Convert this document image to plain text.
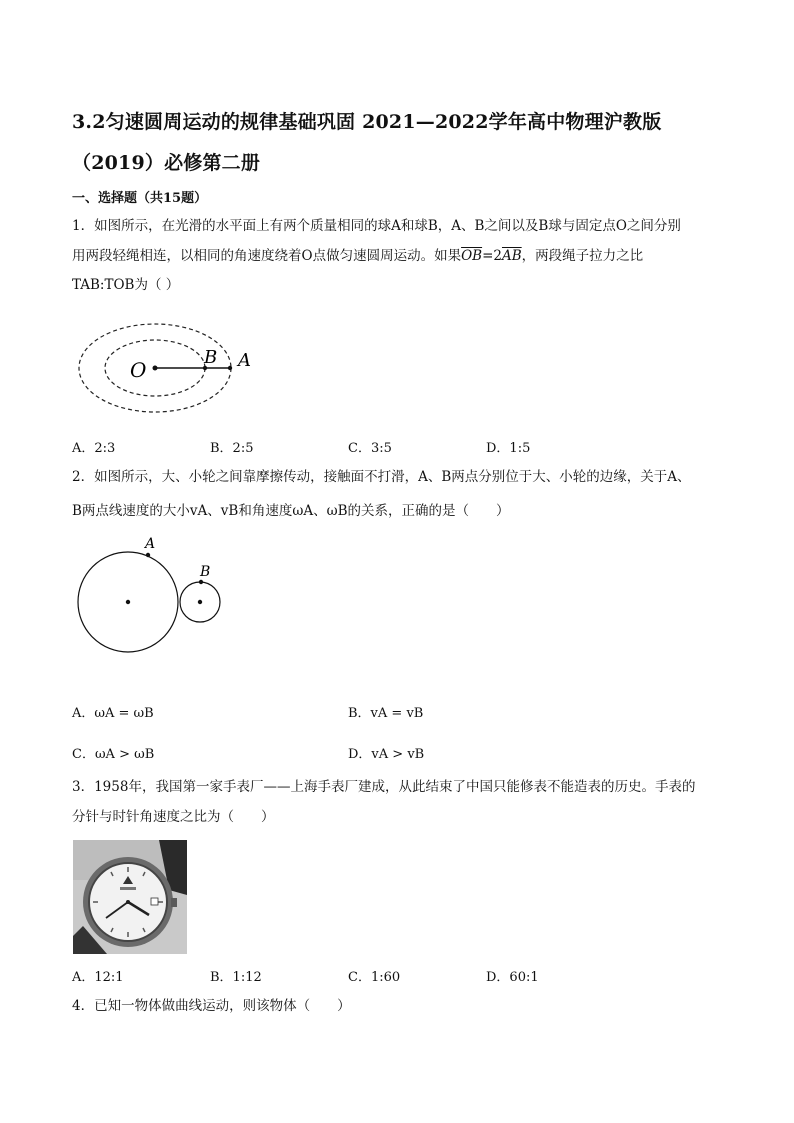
3.2匀速圆周运动的规律基础巩固 2021—2022学年高中物理沪教版
（2019）必修第二册
一、选择题（共15题）
1．如图所示，在光滑的水平面上有两个质量相同的球A和球B，A、B之间以及B球与固定点O之间分别
用两段轻绳相连，以相同的角速度绕着O点做匀速圆周运动。如果$\overline{OB}=2\overline{AB}$，两段绳子拉力之比
TAB:TOB为（ ）
O
B A
A．2:3	B．2:5	C．3:5	D．1:5
2．如图所示，大、小轮之间靠摩擦传动，接触面不打滑，A、B两点分别位于大、小轮的边缘，关于A、
B两点线速度的大小vA、vB和角速度ωA、ωB的关系，正确的是（　　）
A
B
A．ωA = ωB	B．vA = vB
C．ωA > ωB	D．vA > vB
3．1958年，我国第一家手表厂——上海手表厂建成，从此结束了中国只能修表不能造表的历史。手表的
分针与时针角速度之比为（　　）
A．12:1	B．1:12	C．1:60	D．60:1
4．已知一物体做曲线运动，则该物体（　　）
